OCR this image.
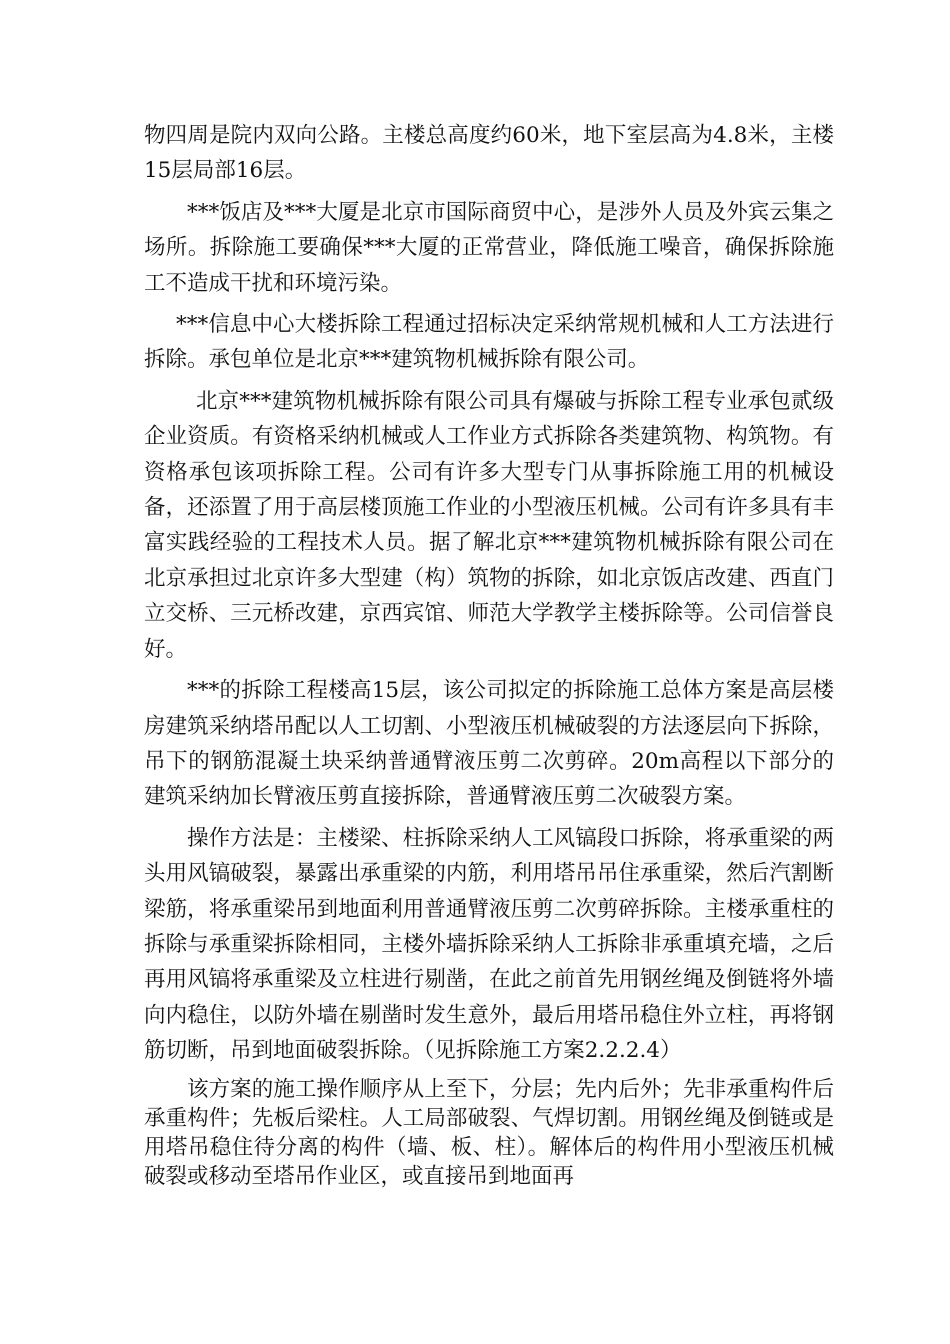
物四周是院内双向公路。主楼总高度约60米，地下室层高为4.8米，主楼15层局部16层。

***饭店及***大厦是北京市国际商贸中心，是涉外人员及外宾云集之场所。拆除施工要确保***大厦的正常营业，降低施工噪音，确保拆除施工不造成干扰和环境污染。

***信息中心大楼拆除工程通过招标决定采纳常规机械和人工方法进行拆除。承包单位是北京***建筑物机械拆除有限公司。

北京***建筑物机械拆除有限公司具有爆破与拆除工程专业承包贰级企业资质。有资格采纳机械或人工作业方式拆除各类建筑物、构筑物。有资格承包该项拆除工程。公司有许多大型专门从事拆除施工用的机械设备，还添置了用于高层楼顶施工作业的小型液压机械。公司有许多具有丰富实践经验的工程技术人员。据了解北京***建筑物机械拆除有限公司在北京承担过北京许多大型建（构）筑物的拆除，如北京饭店改建、西直门立交桥、三元桥改建，京西宾馆、师范大学教学主楼拆除等。公司信誉良好。

***的拆除工程楼高15层，该公司拟定的拆除施工总体方案是高层楼房建筑采纳塔吊配以人工切割、小型液压机械破裂的方法逐层向下拆除，吊下的钢筋混凝土块采纳普通臂液压剪二次剪碎。20m高程以下部分的建筑采纳加长臂液压剪直接拆除，普通臂液压剪二次破裂方案。

操作方法是：主楼梁、柱拆除采纳人工风镐段口拆除，将承重梁的两头用风镐破裂，暴露出承重梁的内筋，利用塔吊吊住承重梁，然后汽割断梁筋，将承重梁吊到地面利用普通臂液压剪二次剪碎拆除。主楼承重柱的拆除与承重梁拆除相同，主楼外墙拆除采纳人工拆除非承重填充墙，之后再用风镐将承重梁及立柱进行剔凿，在此之前首先用钢丝绳及倒链将外墙向内稳住，以防外墙在剔凿时发生意外，最后用塔吊稳住外立柱，再将钢筋切断，吊到地面破裂拆除。（见拆除施工方案2.2.2.4）

该方案的施工操作顺序从上至下，分层；先内后外；先非承重构件后承重构件；先板后梁柱。人工局部破裂、气焊切割。用钢丝绳及倒链或是用塔吊稳住待分离的构件（墙、板、柱）。解体后的构件用小型液压机械破裂或移动至塔吊作业区，或直接吊到地面再
